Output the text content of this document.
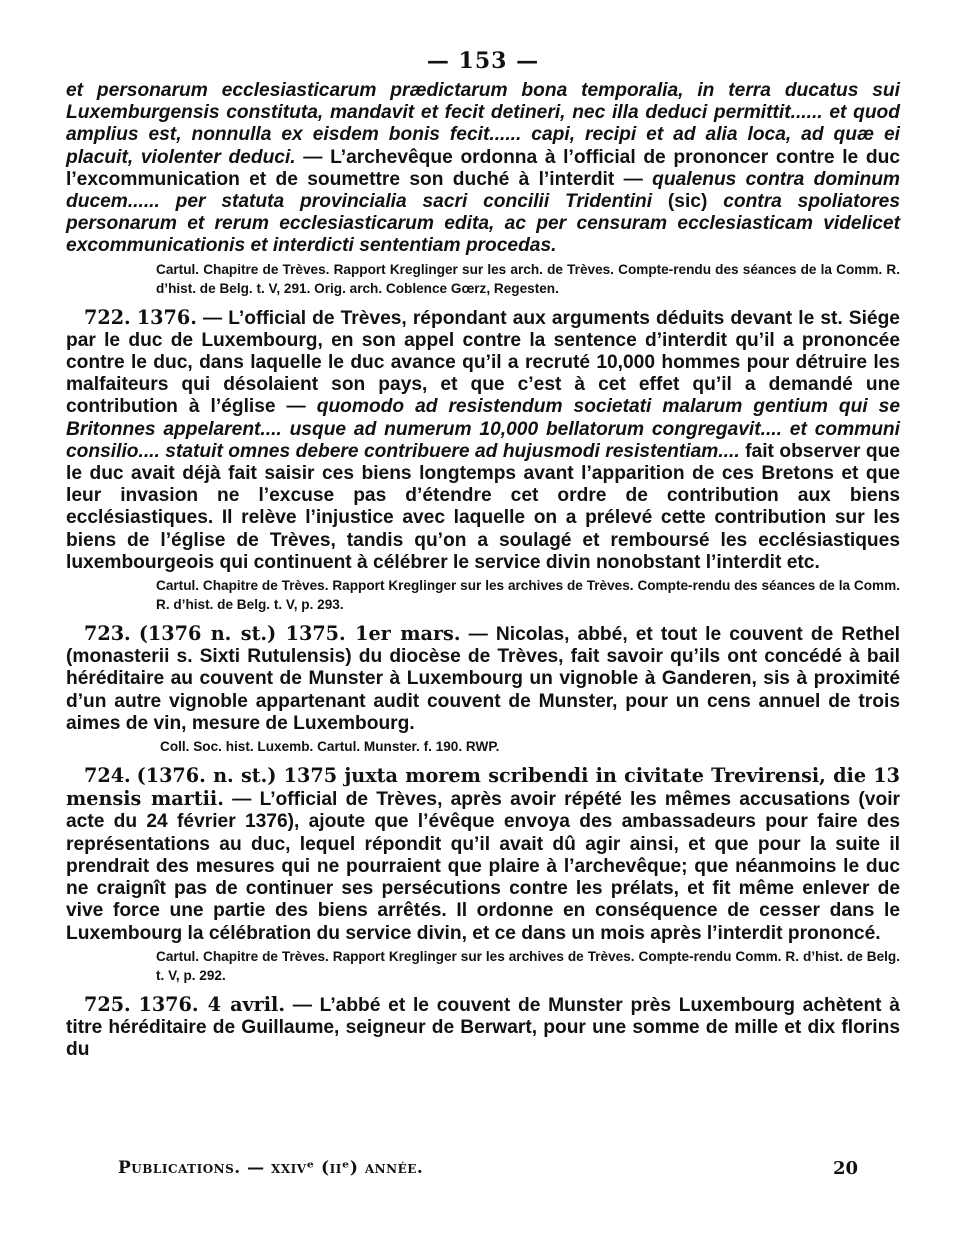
— 153 —

et personarum ecclesiasticarum prædictarum bona temporalia, in terra ducatus sui Luxemburgensis constituta, mandavit et fecit detineri, nec illa deduci permittit...... et quod amplius est, nonnulla ex eisdem bonis fecit...... capi, recipi et ad alia loca, ad quæ ei placuit, violenter deduci. — L’archevêque ordonna à l’official de prononcer contre le duc l’excommunication et de soumettre son duché à l’interdit — qualenus contra dominum ducem...... per statuta provincialia sacri concilii Tridentini (sic) contra spoliatores personarum et rerum ecclesiasticarum edita, ac per censuram ecclesiasticam videlicet excommunicationis et interdicti sententiam procedas.

Cartul. Chapitre de Trèves. Rapport Kreglinger sur les arch. de Trèves. Compte-rendu des séances de la Comm. R. d’hist. de Belg. t. V, 291. Orig. arch. Coblence Gœrz, Regesten.

722. 1376. — L’official de Trèves, répondant aux arguments déduits devant le st. Siége par le duc de Luxembourg, en son appel contre la sentence d’interdit qu’il a prononcée contre le duc, dans laquelle le duc avance qu’il a recruté 10,000 hommes pour détruire les malfaiteurs qui désolaient son pays, et que c’est à cet effet qu’il a demandé une contribution à l’église — quomodo ad resistendum societati malarum gentium qui se Britonnes appelarent.... usque ad numerum 10,000 bellatorum congregavit.... et communi consilio.... statuit omnes debere contribuere ad hujusmodi resistentiam.... fait observer que le duc avait déjà fait saisir ces biens longtemps avant l’apparition de ces Bretons et que leur invasion ne l’excuse pas d’étendre cet ordre de contribution aux biens ecclésiastiques. Il relève l’injustice avec laquelle on a prélevé cette contribution sur les biens de l’église de Trèves, tandis qu’on a soulagé et remboursé les ecclésiastiques luxembourgeois qui continuent à célébrer le service divin nonobstant l’interdit etc.

Cartul. Chapitre de Trèves. Rapport Kreglinger sur les archives de Trèves. Compte-rendu des séances de la Comm. R. d’hist. de Belg. t. V, p. 293.

723. (1376 n. st.) 1375. 1er mars. — Nicolas, abbé, et tout le couvent de Rethel (monasterii s. Sixti Rutulensis) du diocèse de Trèves, fait savoir qu’ils ont concédé à bail héréditaire au couvent de Munster à Luxembourg un vignoble à Ganderen, sis à proximité d’un autre vignoble appartenant audit couvent de Munster, pour un cens annuel de trois aimes de vin, mesure de Luxembourg.

Coll. Soc. hist. Luxemb. Cartul. Munster. f. 190. RWP.

724. (1376. n. st.) 1375 juxta morem scribendi in civitate Trevirensi, die 13 mensis martii. — L’official de Trèves, après avoir répété les mêmes accusations (voir acte du 24 février 1376), ajoute que l’évêque envoya des ambassadeurs pour faire des représentations au duc, lequel répondit qu’il avait dû agir ainsi, et que pour la suite il prendrait des mesures qui ne pourraient que plaire à l’archevêque; que néanmoins le duc ne craignît pas de continuer ses persécutions contre les prélats, et fit même enlever de vive force une partie des biens arrêtés. Il ordonne en conséquence de cesser dans le Luxembourg la célébration du service divin, et ce dans un mois après l’interdit prononcé.

Cartul. Chapitre de Trèves. Rapport Kreglinger sur les archives de Trèves. Compte-rendu Comm. R. d’hist. de Belg. t. V, p. 292.

725. 1376. 4 avril. — L’abbé et le couvent de Munster près Luxembourg achètent à titre héréditaire de Guillaume, seigneur de Berwart, pour une somme de mille et dix florins du

Publications. — xxivᵉ (iiᵉ) année.	20
